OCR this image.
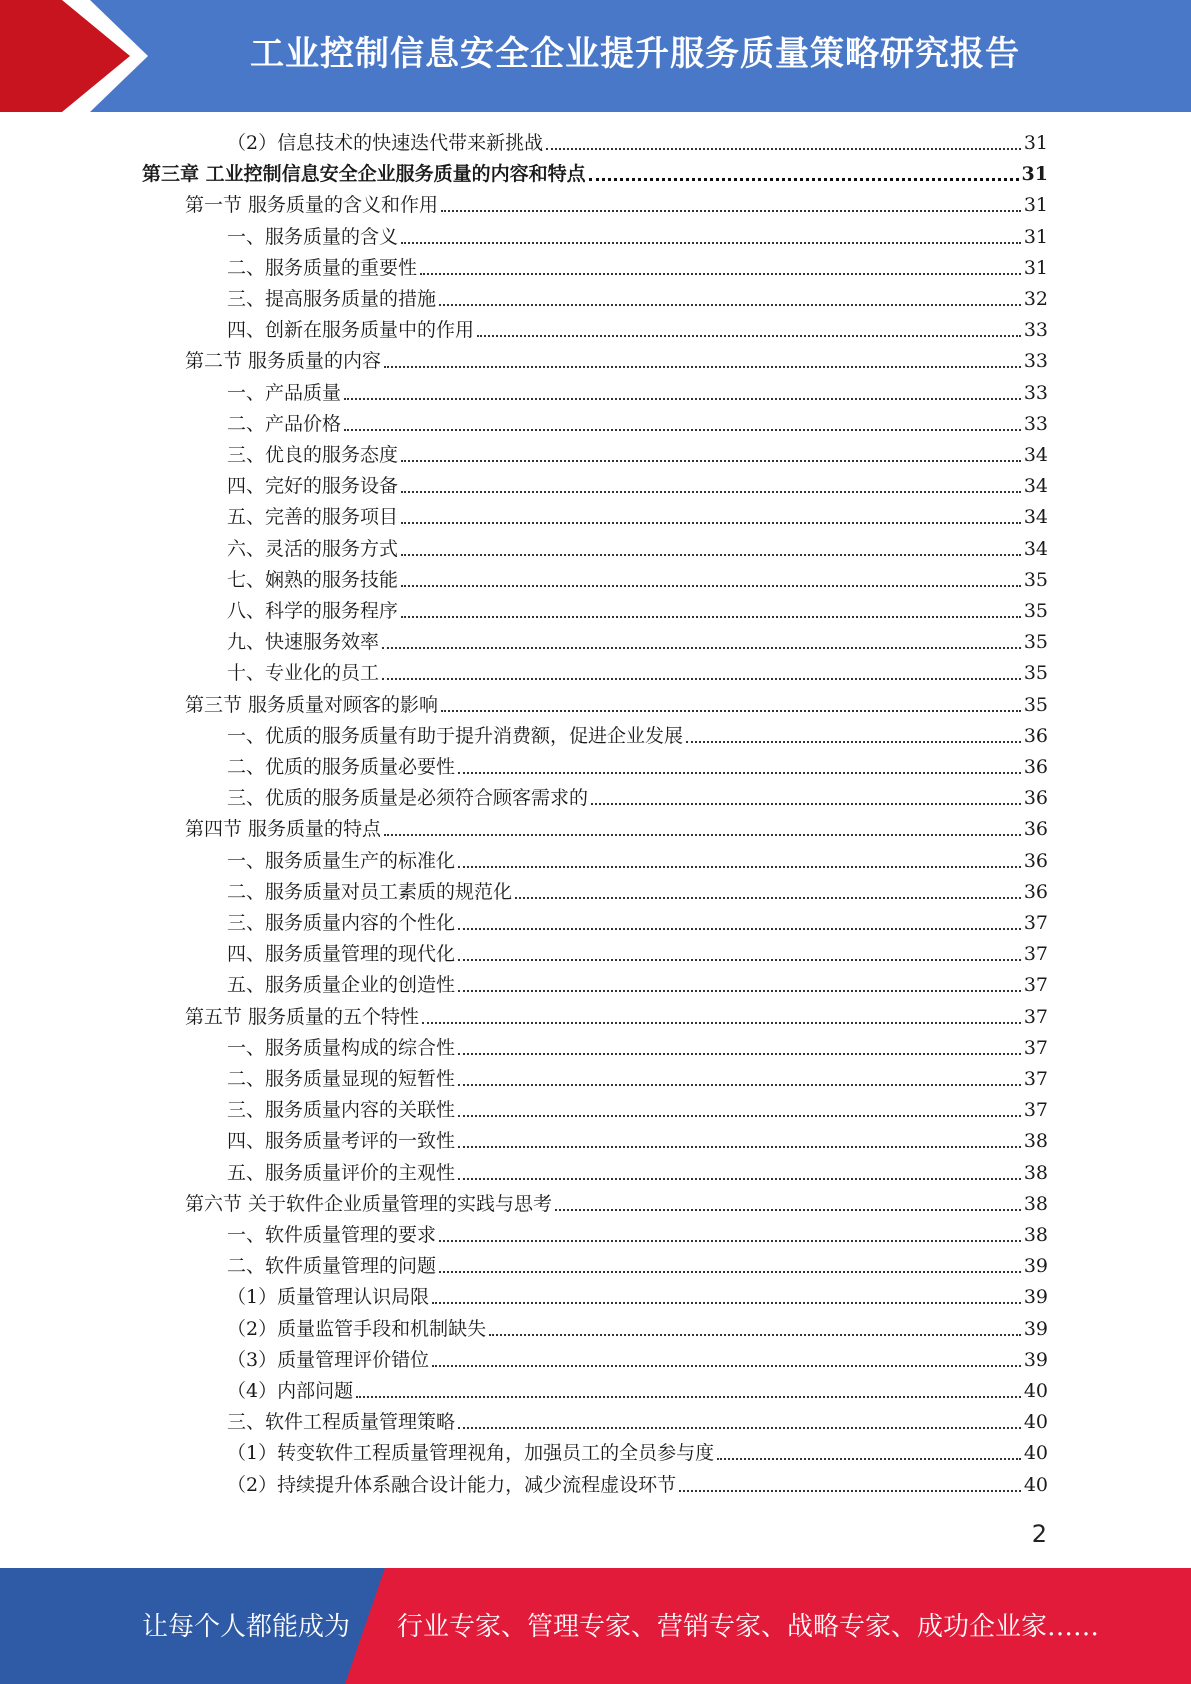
工业控制信息安全企业提升服务质量策略研究报告
（2）信息技术的快速迭代带来新挑战	31
第三章 工业控制信息安全企业服务质量的内容和特点	31
第一节 服务质量的含义和作用	31
一、服务质量的含义	31
二、服务质量的重要性	31
三、提高服务质量的措施	32
四、创新在服务质量中的作用	33
第二节 服务质量的内容	33
一、产品质量	33
二、产品价格	33
三、优良的服务态度	34
四、完好的服务设备	34
五、完善的服务项目	34
六、灵活的服务方式	34
七、娴熟的服务技能	35
八、科学的服务程序	35
九、快速服务效率	35
十、专业化的员工	35
第三节 服务质量对顾客的影响	35
一、优质的服务质量有助于提升消费额，促进企业发展	36
二、优质的服务质量必要性	36
三、优质的服务质量是必须符合顾客需求的	36
第四节 服务质量的特点	36
一、服务质量生产的标准化	36
二、服务质量对员工素质的规范化	36
三、服务质量内容的个性化	37
四、服务质量管理的现代化	37
五、服务质量企业的创造性	37
第五节 服务质量的五个特性	37
一、服务质量构成的综合性	37
二、服务质量显现的短暂性	37
三、服务质量内容的关联性	37
四、服务质量考评的一致性	38
五、服务质量评价的主观性	38
第六节 关于软件企业质量管理的实践与思考	38
一、软件质量管理的要求	38
二、软件质量管理的问题	39
（1）质量管理认识局限	39
（2）质量监管手段和机制缺失	39
（3）质量管理评价错位	39
（4）内部问题	40
三、软件工程质量管理策略	40
（1）转变软件工程质量管理视角，加强员工的全员参与度	40
（2）持续提升体系融合设计能力，减少流程虚设环节	40
2
让每个人都能成为 行业专家、管理专家、营销专家、战略专家、成功企业家……
